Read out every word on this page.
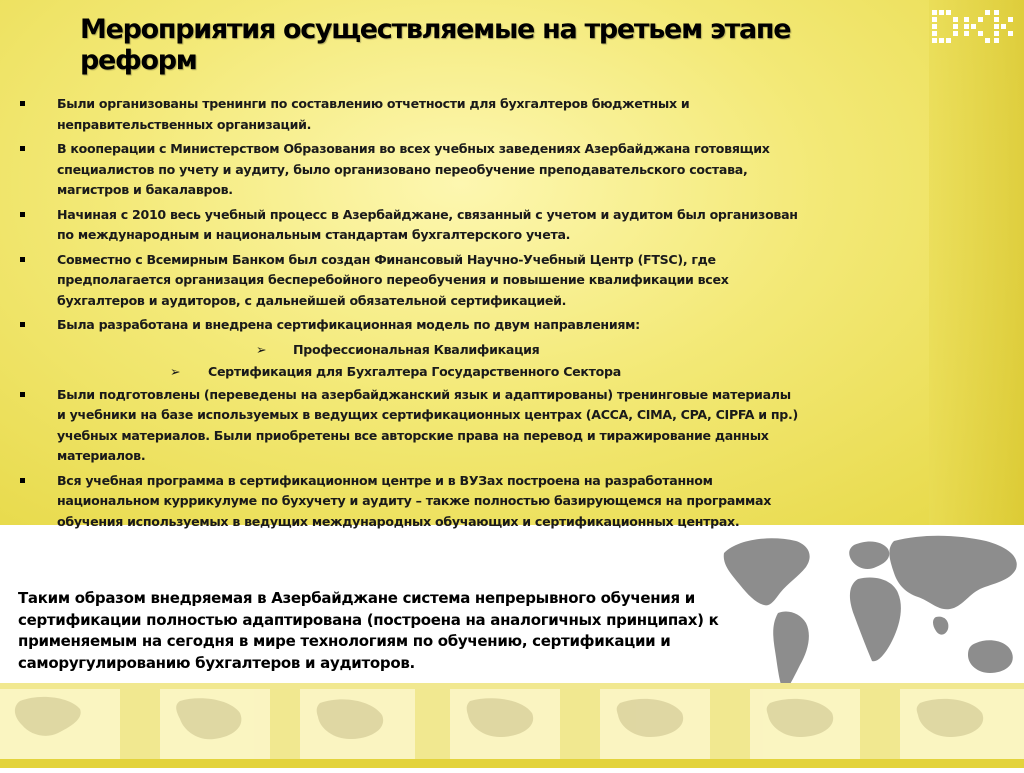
Мероприятия осуществляемые на третьем этапе реформ
Были организованы тренинги по составлению отчетности для бухгалтеров бюджетных и неправительственных организаций.
В кооперации с Министерством Образования во всех учебных заведениях Азербайджана готовящих специалистов по учету и аудиту, было организовано переобучение преподавательского состава, магистров и бакалавров.
Начиная с 2010 весь учебный процесс в Азербайджане, связанный с учетом и аудитом был организован по международным и национальным стандартам бухгалтерского учета.
Совместно с Всемирным Банком был создан Финансовый Научно-Учебный Центр (FTSC), где предполагается организация бесперебойного переобучения и повышение квалификации всех бухгалтеров и аудиторов, с дальнейшей обязательной сертификацией.
Была разработана и внедрена сертификационная модель по двум направлениям:
➢ Профессиональная Квалификация
➢ Сертификация для Бухгалтера Государственного Сектора
Были подготовлены (переведены на азербайджанский язык и адаптированы) тренинговые материалы и учебники на базе используемых в ведущих сертификационных центрах (ACCA, CIMA, CPA, CIPFA и пр.) учебных материалов. Были приобретены все авторские права на перевод и тиражирование данных материалов.
Вся учебная программа в сертификационном центре и в ВУЗах построена на разработанном национальном куррикулуме по бухучету и аудиту – также полностью базирующемся на программах обучения используемых в ведущих международных обучающих и сертификационных центрах.
Таким образом внедряемая в Азербайджане система непрерывного обучения и сертификации полностью адаптирована (построена на аналогичных принципах) к применяемым на сегодня в мире технологиям по обучению, сертификации и саморугулированию бухгалтеров и аудиторов.
